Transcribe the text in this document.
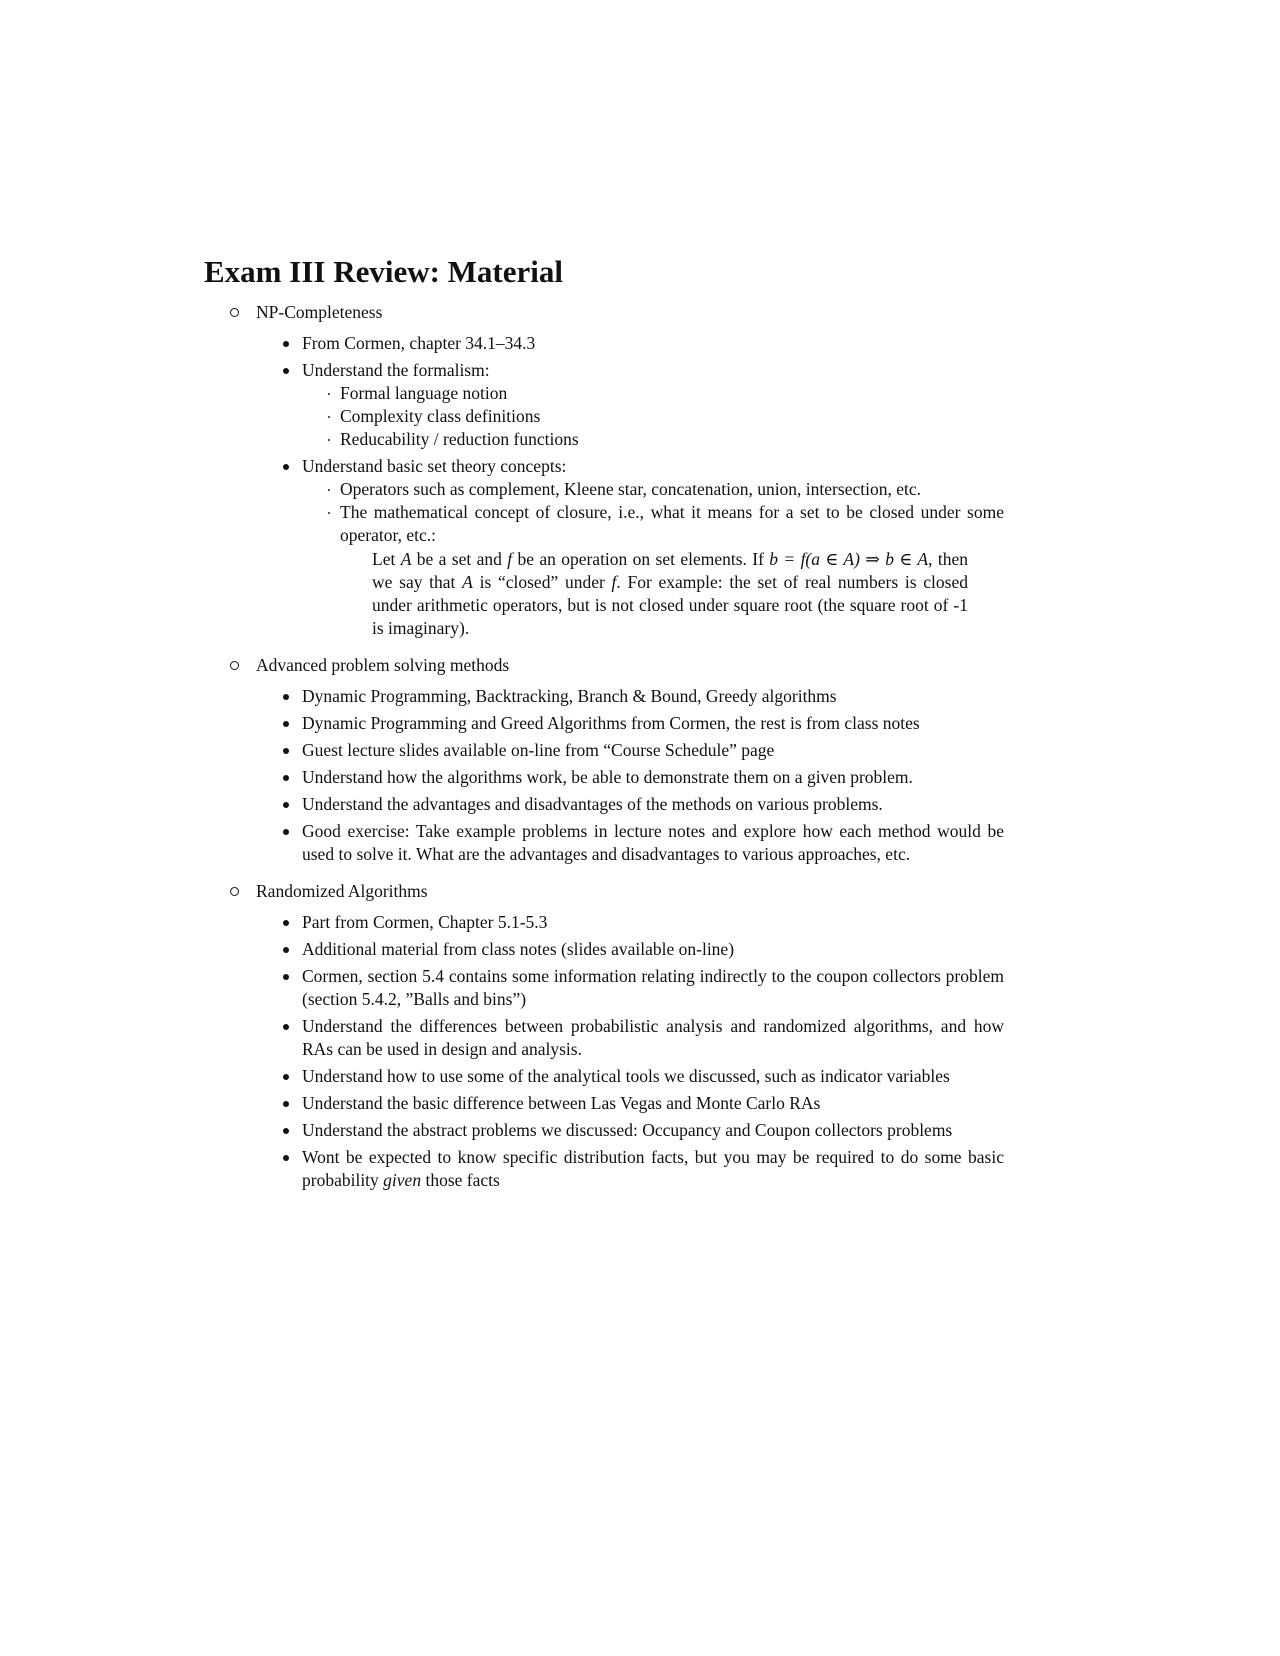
Exam III Review: Material
NP-Completeness
From Cormen, chapter 34.1–34.3
Understand the formalism:
Formal language notion
Complexity class definitions
Reducability / reduction functions
Understand basic set theory concepts:
Operators such as complement, Kleene star, concatenation, union, intersection, etc.
The mathematical concept of closure, i.e., what it means for a set to be closed under some operator, etc.:
Let A be a set and f be an operation on set elements. If b = f(a ∈ A) ⇒ b ∈ A, then we say that A is “closed” under f. For example: the set of real numbers is closed under arithmetic operators, but is not closed under square root (the square root of -1 is imaginary).
Advanced problem solving methods
Dynamic Programming, Backtracking, Branch & Bound, Greedy algorithms
Dynamic Programming and Greed Algorithms from Cormen, the rest is from class notes
Guest lecture slides available on-line from “Course Schedule” page
Understand how the algorithms work, be able to demonstrate them on a given problem.
Understand the advantages and disadvantages of the methods on various problems.
Good exercise: Take example problems in lecture notes and explore how each method would be used to solve it. What are the advantages and disadvantages to various approaches, etc.
Randomized Algorithms
Part from Cormen, Chapter 5.1-5.3
Additional material from class notes (slides available on-line)
Cormen, section 5.4 contains some information relating indirectly to the coupon collectors problem (section 5.4.2, ”Balls and bins”)
Understand the differences between probabilistic analysis and randomized algorithms, and how RAs can be used in design and analysis.
Understand how to use some of the analytical tools we discussed, such as indicator variables
Understand the basic difference between Las Vegas and Monte Carlo RAs
Understand the abstract problems we discussed: Occupancy and Coupon collectors problems
Wont be expected to know specific distribution facts, but you may be required to do some basic probability given those facts
